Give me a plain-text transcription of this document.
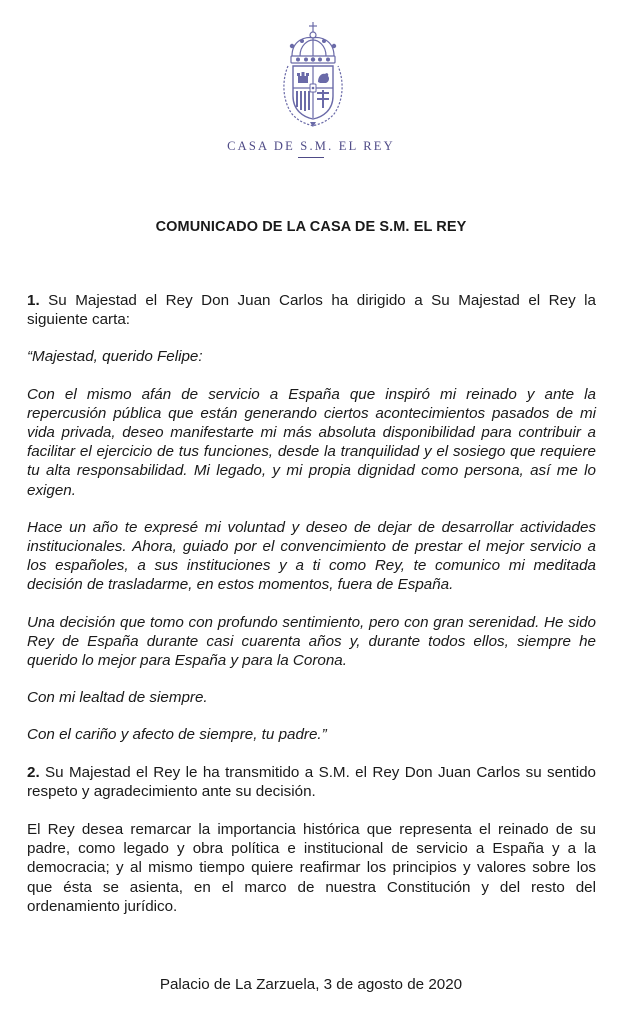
CASA DE S.M. EL REY
COMUNICADO DE LA CASA DE S.M. EL REY

1. Su Majestad el Rey Don Juan Carlos ha dirigido a Su Majestad el Rey la siguiente carta:

“Majestad, querido Felipe:

Con el mismo afán de servicio a España que inspiró mi reinado y ante la repercusión pública que están generando ciertos acontecimientos pasados de mi vida privada, deseo manifestarte mi más absoluta disponibilidad para contribuir a facilitar el ejercicio de tus funciones, desde la tranquilidad y el sosiego que requiere tu alta responsabilidad. Mi legado, y mi propia dignidad como persona, así me lo exigen.

Hace un año te expresé mi voluntad y deseo de dejar de desarrollar actividades institucionales. Ahora, guiado por el convencimiento de prestar el mejor servicio a los españoles, a sus instituciones y a ti como Rey, te comunico mi meditada decisión de trasladarme, en estos momentos, fuera de España.

Una decisión que tomo con profundo sentimiento, pero con gran serenidad. He sido Rey de España durante casi cuarenta años y, durante todos ellos, siempre he querido lo mejor para España y para la Corona.

Con mi lealtad de siempre.

Con el cariño y afecto de siempre, tu padre.”

2. Su Majestad el Rey le ha transmitido a S.M. el Rey Don Juan Carlos su sentido respeto y agradecimiento ante su decisión.

El Rey desea remarcar la importancia histórica que representa el reinado de su padre, como legado y obra política e institucional de servicio a España y a la democracia; y al mismo tiempo quiere reafirmar los principios y valores sobre los que ésta se asienta, en el marco de nuestra Constitución y del resto del ordenamiento jurídico.

Palacio de La Zarzuela, 3 de agosto de 2020
